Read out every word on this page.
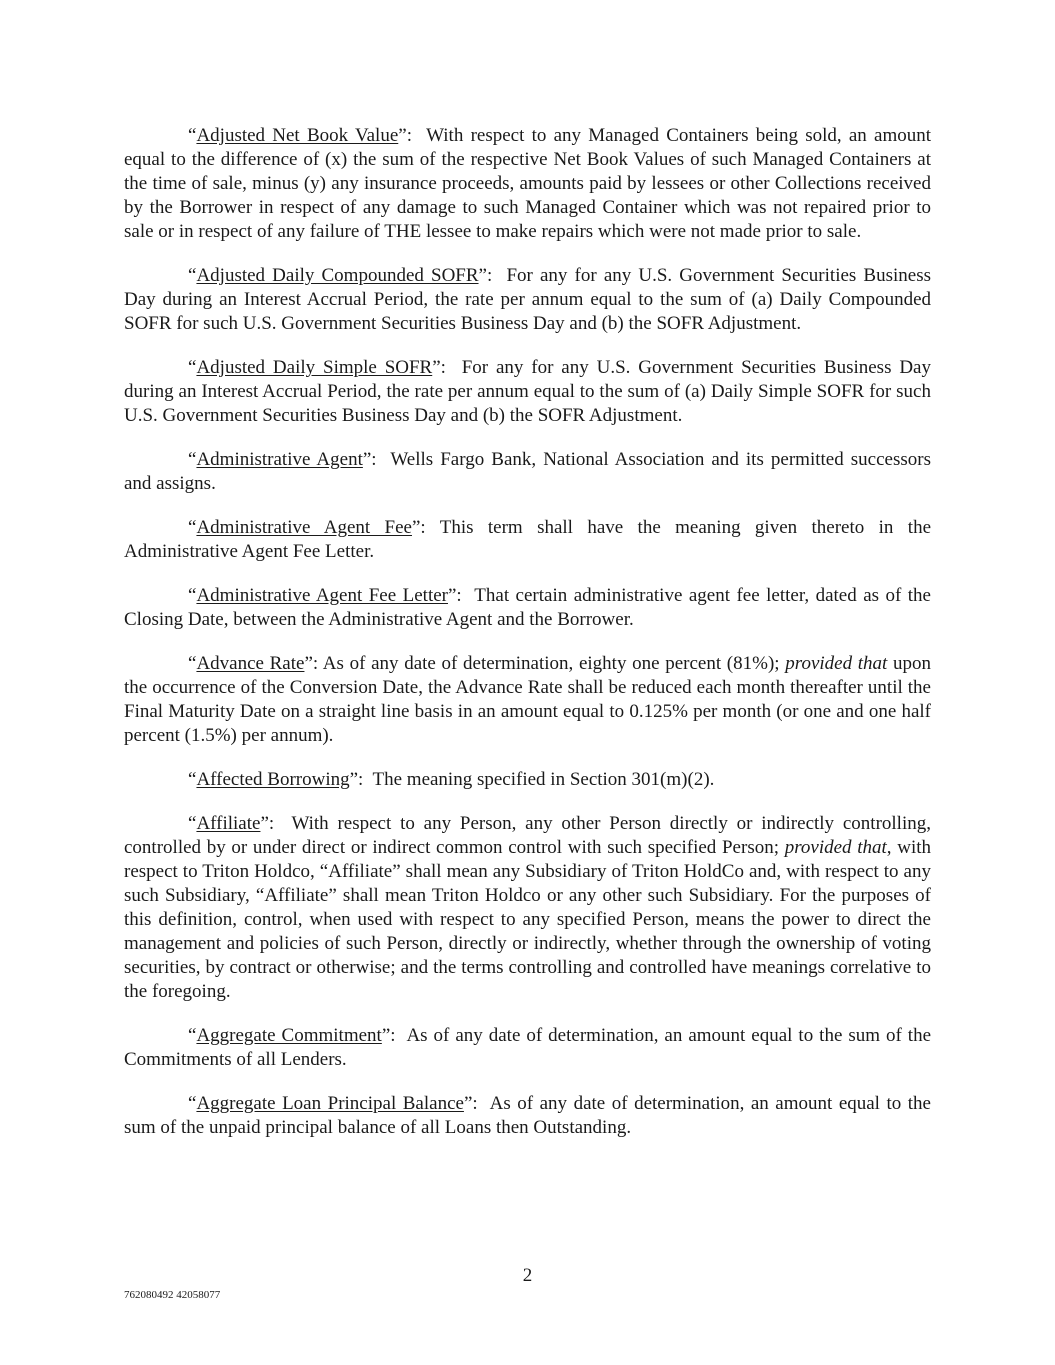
“Adjusted Net Book Value”:  With respect to any Managed Containers being sold, an amount equal to the difference of (x) the sum of the respective Net Book Values of such Managed Containers at the time of sale, minus (y) any insurance proceeds, amounts paid by lessees or other Collections received by the Borrower in respect of any damage to such Managed Container which was not repaired prior to sale or in respect of any failure of THE lessee to make repairs which were not made prior to sale.

“Adjusted Daily Compounded SOFR”:  For any for any U.S. Government Securities Business Day during an Interest Accrual Period, the rate per annum equal to the sum of (a) Daily Compounded SOFR for such U.S. Government Securities Business Day and (b) the SOFR Adjustment.

“Adjusted Daily Simple SOFR”:  For any for any U.S. Government Securities Business Day during an Interest Accrual Period, the rate per annum equal to the sum of (a) Daily Simple SOFR for such U.S. Government Securities Business Day and (b) the SOFR Adjustment.

“Administrative Agent”:  Wells Fargo Bank, National Association and its permitted successors and assigns.

“Administrative Agent Fee”: This term shall have the meaning given thereto in the Administrative Agent Fee Letter.

“Administrative Agent Fee Letter”:  That certain administrative agent fee letter, dated as of the Closing Date, between the Administrative Agent and the Borrower.

“Advance Rate”: As of any date of determination, eighty one percent (81%); provided that upon the occurrence of the Conversion Date, the Advance Rate shall be reduced each month thereafter until the Final Maturity Date on a straight line basis in an amount equal to 0.125% per month (or one and one half percent (1.5%) per annum).

“Affected Borrowing”:  The meaning specified in Section 301(m)(2).

“Affiliate”:  With respect to any Person, any other Person directly or indirectly controlling, controlled by or under direct or indirect common control with such specified Person; provided that, with respect to Triton Holdco, “Affiliate” shall mean any Subsidiary of Triton HoldCo and, with respect to any such Subsidiary, “Affiliate” shall mean Triton Holdco or any other such Subsidiary. For the purposes of this definition, control, when used with respect to any specified Person, means the power to direct the management and policies of such Person, directly or indirectly, whether through the ownership of voting securities, by contract or otherwise; and the terms controlling and controlled have meanings correlative to the foregoing.

“Aggregate Commitment”:  As of any date of determination, an amount equal to the sum of the Commitments of all Lenders.

“Aggregate Loan Principal Balance”:  As of any date of determination, an amount equal to the sum of the unpaid principal balance of all Loans then Outstanding.

2
762080492 42058077
